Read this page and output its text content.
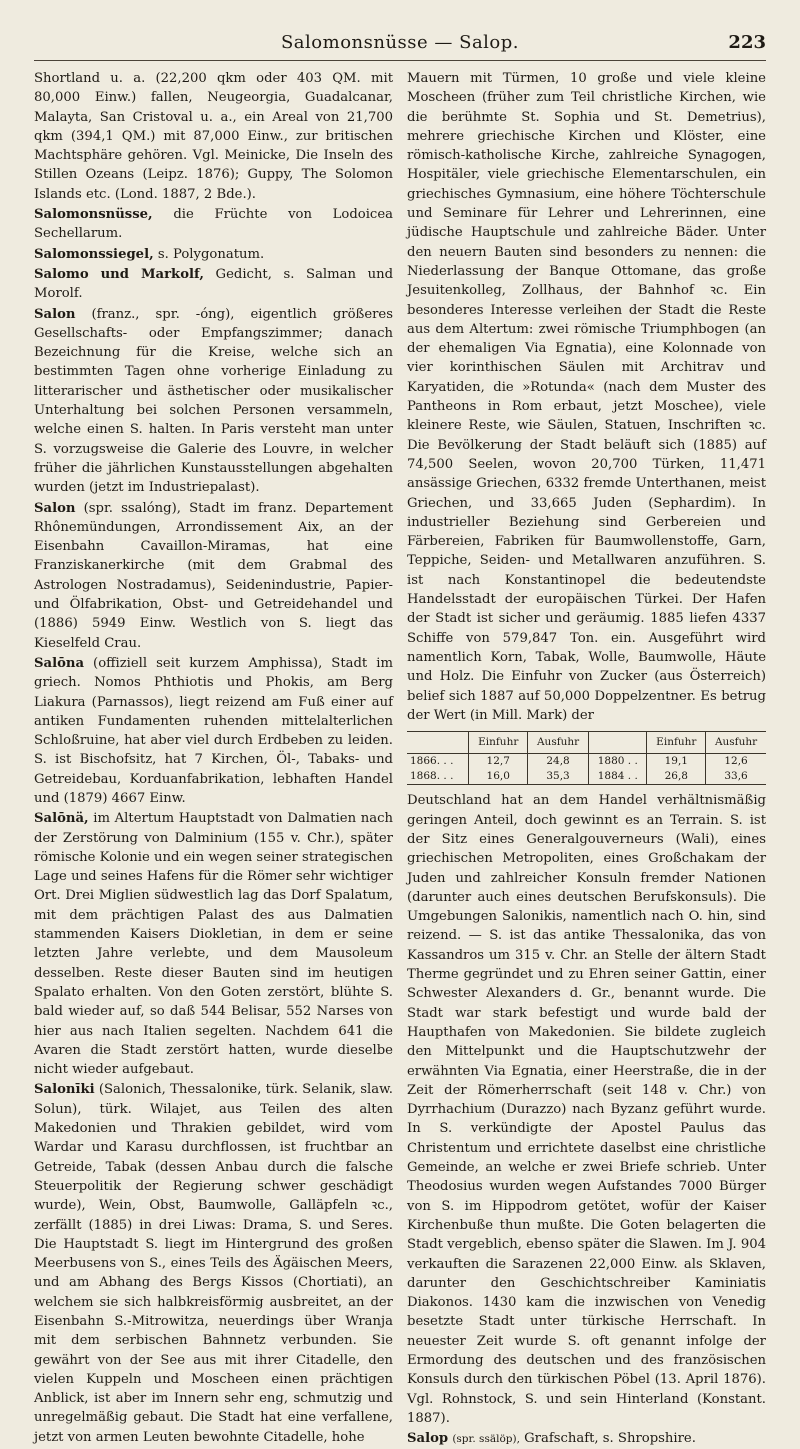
Salomonsnüsse — Salop.	223

Shortland u. a. (22,200 qkm oder 403 QM. mit 80,000 Einw.) fallen, Neugeorgia, Guadalcanar, Malayta, San Cristoval u. a., ein Areal von 21,700 qkm (394,1 QM.) mit 87,000 Einw., zur britischen Machtsphäre gehören. Vgl. Meinicke, Die Inseln des Stillen Ozeans (Leipz. 1876); Guppy, The Solomon Islands etc. (Lond. 1887, 2 Bde.).

Salomonsnüsse, die Früchte von Lodoicea Sechellarum.

Salomonssiegel, s. Polygonatum.

Salomo und Markolf, Gedicht, s. Salman und Morolf.

Salon (franz., spr. -óng), eigentlich größeres Gesellschafts- oder Empfangszimmer; danach Bezeichnung für die Kreise, welche sich an bestimmten Tagen ohne vorherige Einladung zu litterarischer und ästhetischer oder musikalischer Unterhaltung bei solchen Personen versammeln, welche einen S. halten. In Paris versteht man unter S. vorzugsweise die Galerie des Louvre, in welcher früher die jährlichen Kunstausstellungen abgehalten wurden (jetzt im Industriepalast).

Salon (spr. ssalóng), Stadt im franz. Departement Rhônemündungen, Arrondissement Aix, an der Eisenbahn Cavaillon-Miramas, hat eine Franziskanerkirche (mit dem Grabmal des Astrologen Nostradamus), Seidenindustrie, Papier- und Ölfabrikation, Obst- und Getreidehandel und (1886) 5949 Einw. Westlich von S. liegt das Kieselfeld Crau.

Salōna (offiziell seit kurzem Amphissa), Stadt im griech. Nomos Phthiotis und Phokis, am Berg Liakura (Parnassos), liegt reizend am Fuß einer auf antiken Fundamenten ruhenden mittelalterlichen Schloßruine, hat aber viel durch Erdbeben zu leiden. S. ist Bischofsitz, hat 7 Kirchen, Öl-, Tabaks- und Getreidebau, Korduanfabrikation, lebhaften Handel und (1879) 4667 Einw.

Salōnä, im Altertum Hauptstadt von Dalmatien nach der Zerstörung von Dalminium (155 v. Chr.), später römische Kolonie und ein wegen seiner strategischen Lage und seines Hafens für die Römer sehr wichtiger Ort. Drei Miglien südwestlich lag das Dorf Spalatum, mit dem prächtigen Palast des aus Dalmatien stammenden Kaisers Diokletian, in dem er seine letzten Jahre verlebte, und dem Mausoleum desselben. Reste dieser Bauten sind im heutigen Spalato erhalten. Von den Goten zerstört, blühte S. bald wieder auf, so daß 544 Belisar, 552 Narses von hier aus nach Italien segelten. Nachdem 641 die Avaren die Stadt zerstört hatten, wurde dieselbe nicht wieder aufgebaut.

Salonīki (Salonich, Thessalonike, türk. Selanik, slaw. Solun), türk. Wilajet, aus Teilen des alten Makedonien und Thrakien gebildet, wird vom Wardar und Karasu durchflossen, ist fruchtbar an Getreide, Tabak (dessen Anbau durch die falsche Steuerpolitik der Regierung schwer geschädigt wurde), Wein, Obst, Baumwolle, Galläpfeln ꝛc., zerfällt (1885) in drei Liwas: Drama, S. und Seres. Die Hauptstadt S. liegt im Hintergrund des großen Meerbusens von S., eines Teils des Ägäischen Meers, und am Abhang des Bergs Kissos (Chortiati), an welchem sie sich halbkreisförmig ausbreitet, an der Eisenbahn S.-Mitrowitza, neuerdings über Wranja mit dem serbischen Bahnnetz verbunden. Sie gewährt von der See aus mit ihrer Citadelle, den vielen Kuppeln und Moscheen einen prächtigen Anblick, ist aber im Innern sehr eng, schmutzig und unregelmäßig gebaut. Die Stadt hat eine verfallene, jetzt von armen Leuten bewohnte Citadelle, hohe

Mauern mit Türmen, 10 große und viele kleine Moscheen (früher zum Teil christliche Kirchen, wie die berühmte St. Sophia und St. Demetrius), mehrere griechische Kirchen und Klöster, eine römisch-katholische Kirche, zahlreiche Synagogen, Hospitäler, viele griechische Elementarschulen, ein griechisches Gymnasium, eine höhere Töchterschule und Seminare für Lehrer und Lehrerinnen, eine jüdische Hauptschule und zahlreiche Bäder. Unter den neuern Bauten sind besonders zu nennen: die Niederlassung der Banque Ottomane, das große Jesuitenkolleg, Zollhaus, der Bahnhof ꝛc. Ein besonderes Interesse verleihen der Stadt die Reste aus dem Altertum: zwei römische Triumphbogen (an der ehemaligen Via Egnatia), eine Kolonnade von vier korinthischen Säulen mit Architrav und Karyatiden, die »Rotunda« (nach dem Muster des Pantheons in Rom erbaut, jetzt Moschee), viele kleinere Reste, wie Säulen, Statuen, Inschriften ꝛc. Die Bevölkerung der Stadt beläuft sich (1885) auf 74,500 Seelen, wovon 20,700 Türken, 11,471 ansässige Griechen, 6332 fremde Unterthanen, meist Griechen, und 33,665 Juden (Sephardim). In industrieller Beziehung sind Gerbereien und Färbereien, Fabriken für Baumwollenstoffe, Garn, Teppiche, Seiden- und Metallwaren anzuführen. S. ist nach Konstantinopel die bedeutendste Handelsstadt der europäischen Türkei. Der Hafen der Stadt ist sicher und geräumig. 1885 liefen 4337 Schiffe von 579,847 Ton. ein. Ausgeführt wird namentlich Korn, Tabak, Wolle, Baumwolle, Häute und Holz. Die Einfuhr von Zucker (aus Österreich) belief sich 1887 auf 50,000 Doppelzentner. Es betrug der Wert (in Mill. Mark) der

	Einfuhr	Ausfuhr		Einfuhr	Ausfuhr
1866. . .	12,7	24,8	1880 . .	19,1	12,6
1868. . .	16,0	35,3	1884 . .	26,8	33,6

Deutschland hat an dem Handel verhältnismäßig geringen Anteil, doch gewinnt es an Terrain. S. ist der Sitz eines Generalgouverneurs (Wali), eines griechischen Metropoliten, eines Großchakam der Juden und zahlreicher Konsuln fremder Nationen (darunter auch eines deutschen Berufskonsuls). Die Umgebungen Salonikis, namentlich nach O. hin, sind reizend. — S. ist das antike Thessalonika, das von Kassandros um 315 v. Chr. an Stelle der ältern Stadt Therme gegründet und zu Ehren seiner Gattin, einer Schwester Alexanders d. Gr., benannt wurde. Die Stadt war stark befestigt und wurde bald der Haupthafen von Makedonien. Sie bildete zugleich den Mittelpunkt und die Hauptschutzwehr der erwähnten Via Egnatia, einer Heerstraße, die in der Zeit der Römerherrschaft (seit 148 v. Chr.) von Dyrrhachium (Durazzo) nach Byzanz geführt wurde. In S. verkündigte der Apostel Paulus das Christentum und errichtete daselbst eine christliche Gemeinde, an welche er zwei Briefe schrieb. Unter Theodosius wurden wegen Aufstandes 7000 Bürger von S. im Hippodrom getötet, wofür der Kaiser Kirchenbuße thun mußte. Die Goten belagerten die Stadt vergeblich, ebenso später die Slawen. Im J. 904 verkauften die Sarazenen 22,000 Einw. als Sklaven, darunter den Geschichtschreiber Kaminiatis Diakonos. 1430 kam die inzwischen von Venedig besetzte Stadt unter türkische Herrschaft. In neuester Zeit wurde S. oft genannt infolge der Ermordung des deutschen und des französischen Konsuls durch den türkischen Pöbel (13. April 1876). Vgl. Rohnstock, S. und sein Hinterland (Konstant. 1887).

Salop (spr. ssälöp), Grafschaft, s. Shropshire.
